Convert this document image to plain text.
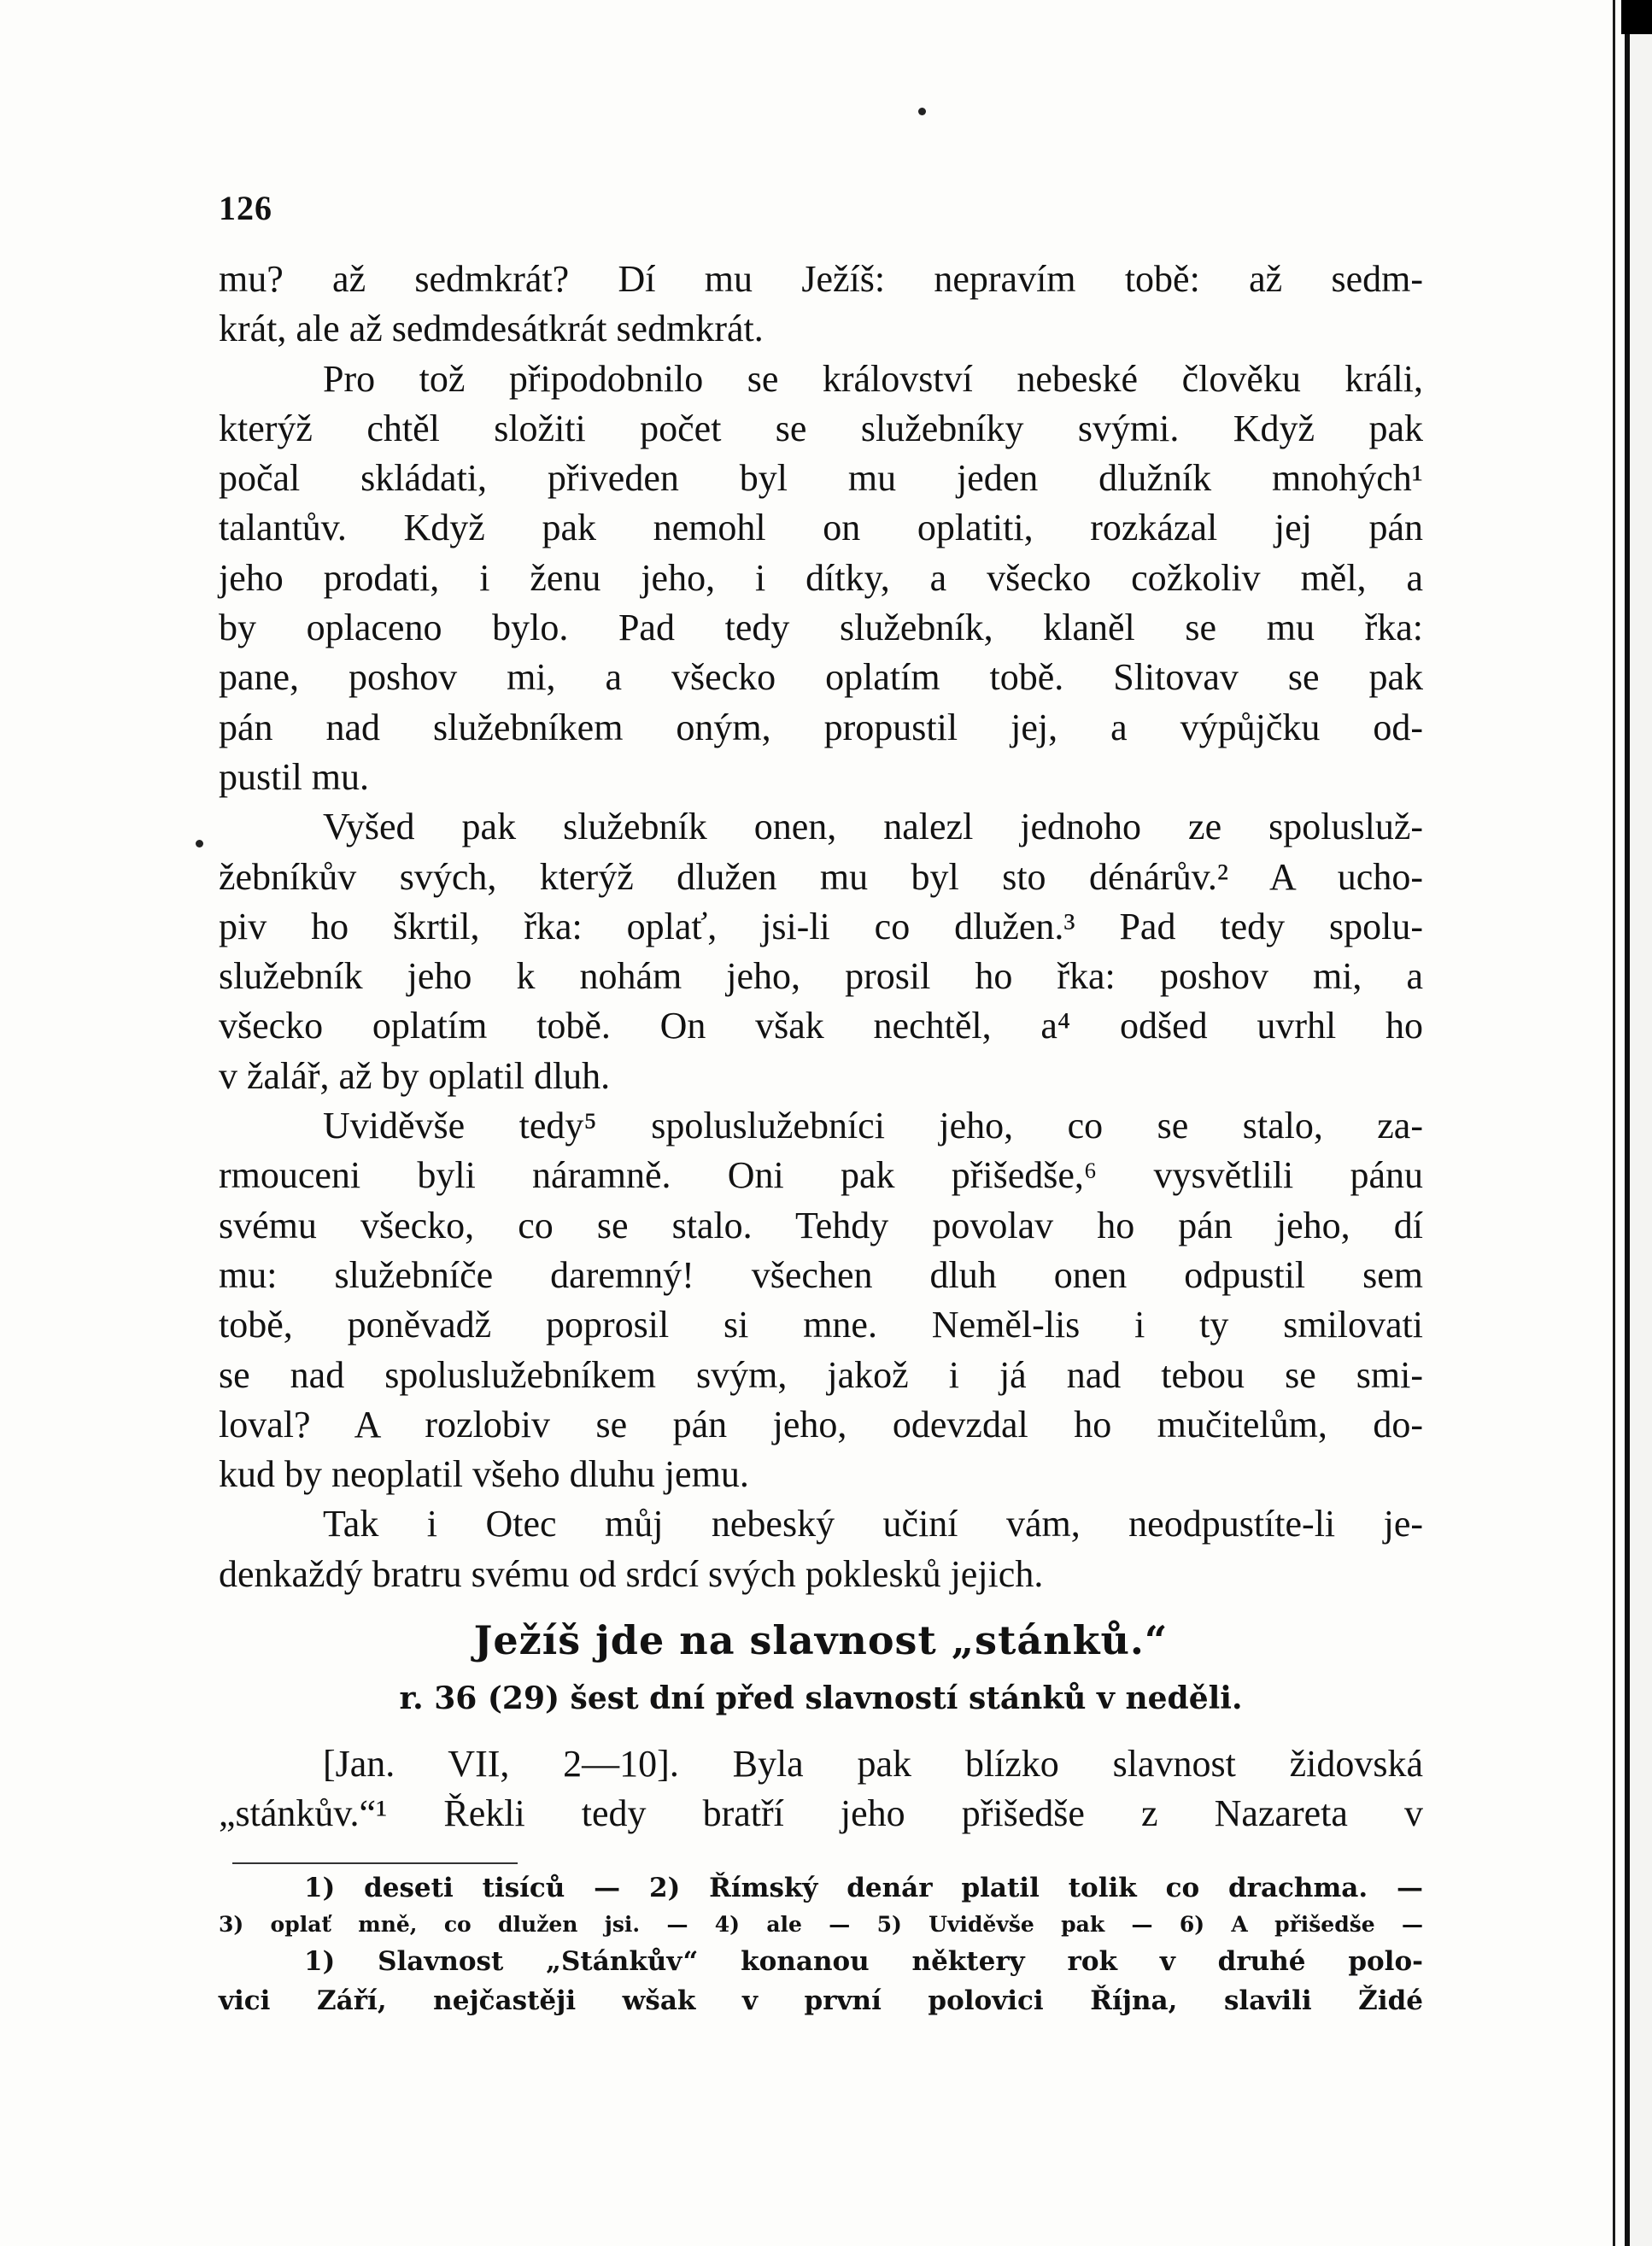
126
mu? až sedmkrát? Dí mu Ježíš: nepravím tobě: až sedm-
krát, ale až sedmdesátkrát sedmkrát.
Pro tož připodobnilo se království nebeské člověku králi,
kterýž chtěl složiti počet se služebníky svými. Když pak
počal skládati, přiveden byl mu jeden dlužník mnohých¹
talantův. Když pak nemohl on oplatiti, rozkázal jej pán
jeho prodati, i ženu jeho, i dítky, a všecko cožkoliv měl, a
by oplaceno bylo. Pad tedy služebník, klaněl se mu řka:
pane, poshov mi, a všecko oplatím tobě. Slitovav se pak
pán nad služebníkem oným, propustil jej, a výpůjčku od-
pustil mu.
Vyšed pak služebník onen, nalezl jednoho ze spolusluž-
žebníkův svých, kterýž dlužen mu byl sto dénárův.² A ucho-
piv ho škrtil, řka: oplať, jsi-li co dlužen.³ Pad tedy spolu-
služebník jeho k nohám jeho, prosil ho řka: poshov mi, a
všecko oplatím tobě. On však nechtěl, a⁴ odšed uvrhl ho
v žalář, až by oplatil dluh.
Uviděvše tedy⁵ spoluslužebníci jeho, co se stalo, za-
rmouceni byli náramně. Oni pak přišedše,⁶ vysvětlili pánu
svému všecko, co se stalo. Tehdy povolav ho pán jeho, dí
mu: služebníče daremný! všechen dluh onen odpustil sem
tobě, poněvadž poprosil si mne. Neměl-lis i ty smilovati
se nad spoluslužebníkem svým, jakož i já nad tebou se smi-
loval? A rozlobiv se pán jeho, odevzdal ho mučitelům, do-
kud by neoplatil všeho dluhu jemu.
Tak i Otec můj nebeský učiní vám, neodpustíte-li je-
denkaždý bratru svému od srdcí svých poklesků jejich.
Ježíš jde na slavnost „stánků.“
r. 36 (29) šest dní před slavností stánků v neděli.
[Jan. VII, 2—10]. Byla pak blízko slavnost židovská
„stánkův.“¹ Řekli tedy bratří jeho přišedše z Nazareta v
1) deseti tisíců — 2) Římský denár platil tolik co drachma. —
3) oplať mně, co dlužen jsi. — 4) ale — 5) Uviděvše pak — 6) A přišedše —
1) Slavnost „Stánkův“ konanou některy rok v druhé polo-
vici Září, nejčastěji wšak v první polovici Října, slavili Židé
